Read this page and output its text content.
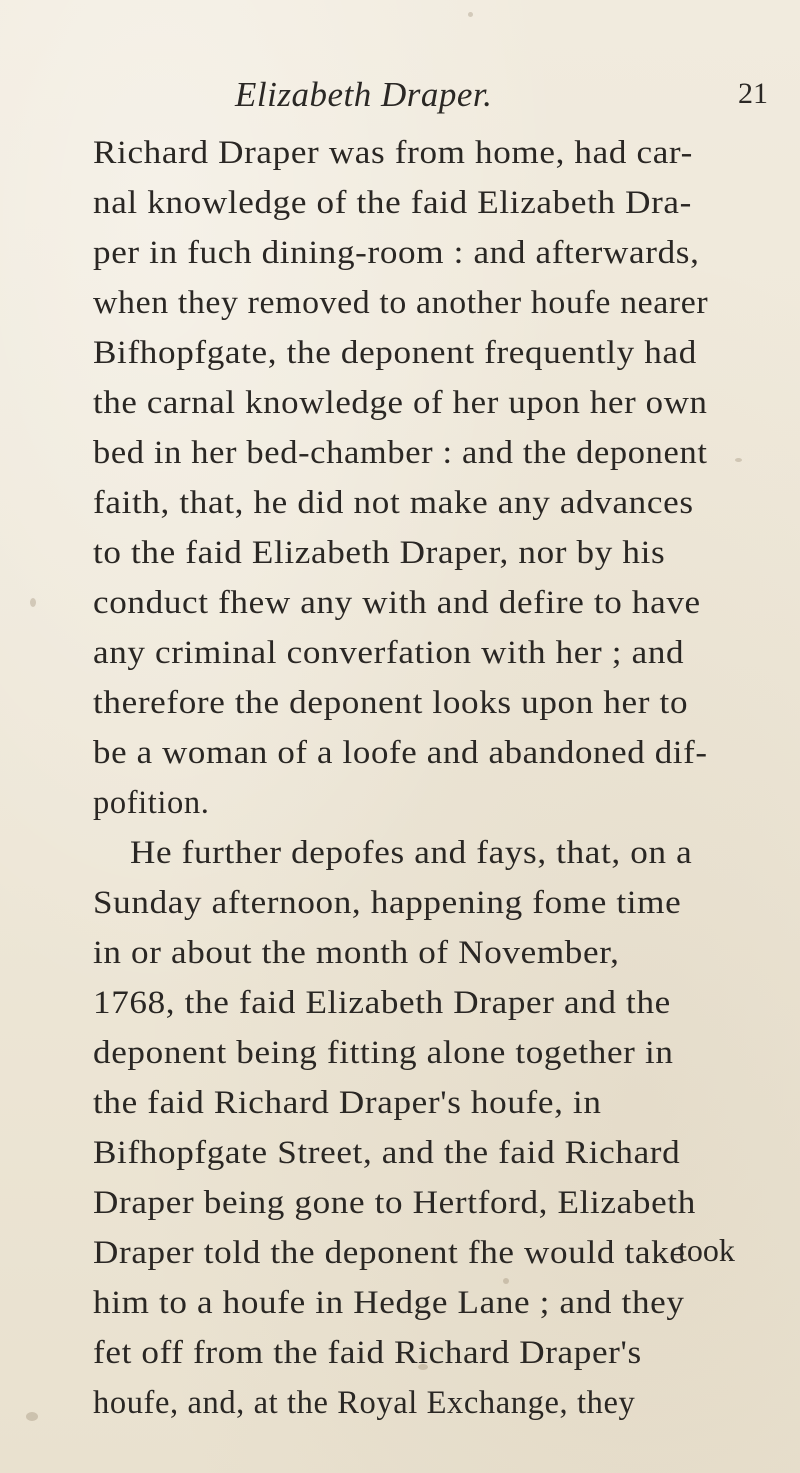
Elizabeth Draper.	21
Richard Draper was from home, had car-
nal knowledge of the faid Elizabeth Dra-
per in fuch dining-room : and afterwards,
when they removed to another houfe nearer
Bifhopfgate, the deponent frequently had
the carnal knowledge of her upon her own
bed in her bed-chamber : and the deponent
faith, that, he did not make any advances
to the faid Elizabeth Draper, nor by his
conduct fhew any with and defire to have
any criminal converfation with her ; and
therefore the deponent looks upon her to
be a woman of a loofe and abandoned dif-
pofition.
He further depofes and fays, that, on a
Sunday afternoon, happening fome time
in or about the month of November,
1768, the faid Elizabeth Draper and the
deponent being fitting alone together in
the faid Richard Draper's houfe, in
Bifhopfgate Street, and the faid Richard
Draper being gone to Hertford, Elizabeth
Draper told the deponent fhe would take
him to a houfe in Hedge Lane ; and they
fet off from the faid Richard Draper's
houfe, and, at the Royal Exchange, they
took
